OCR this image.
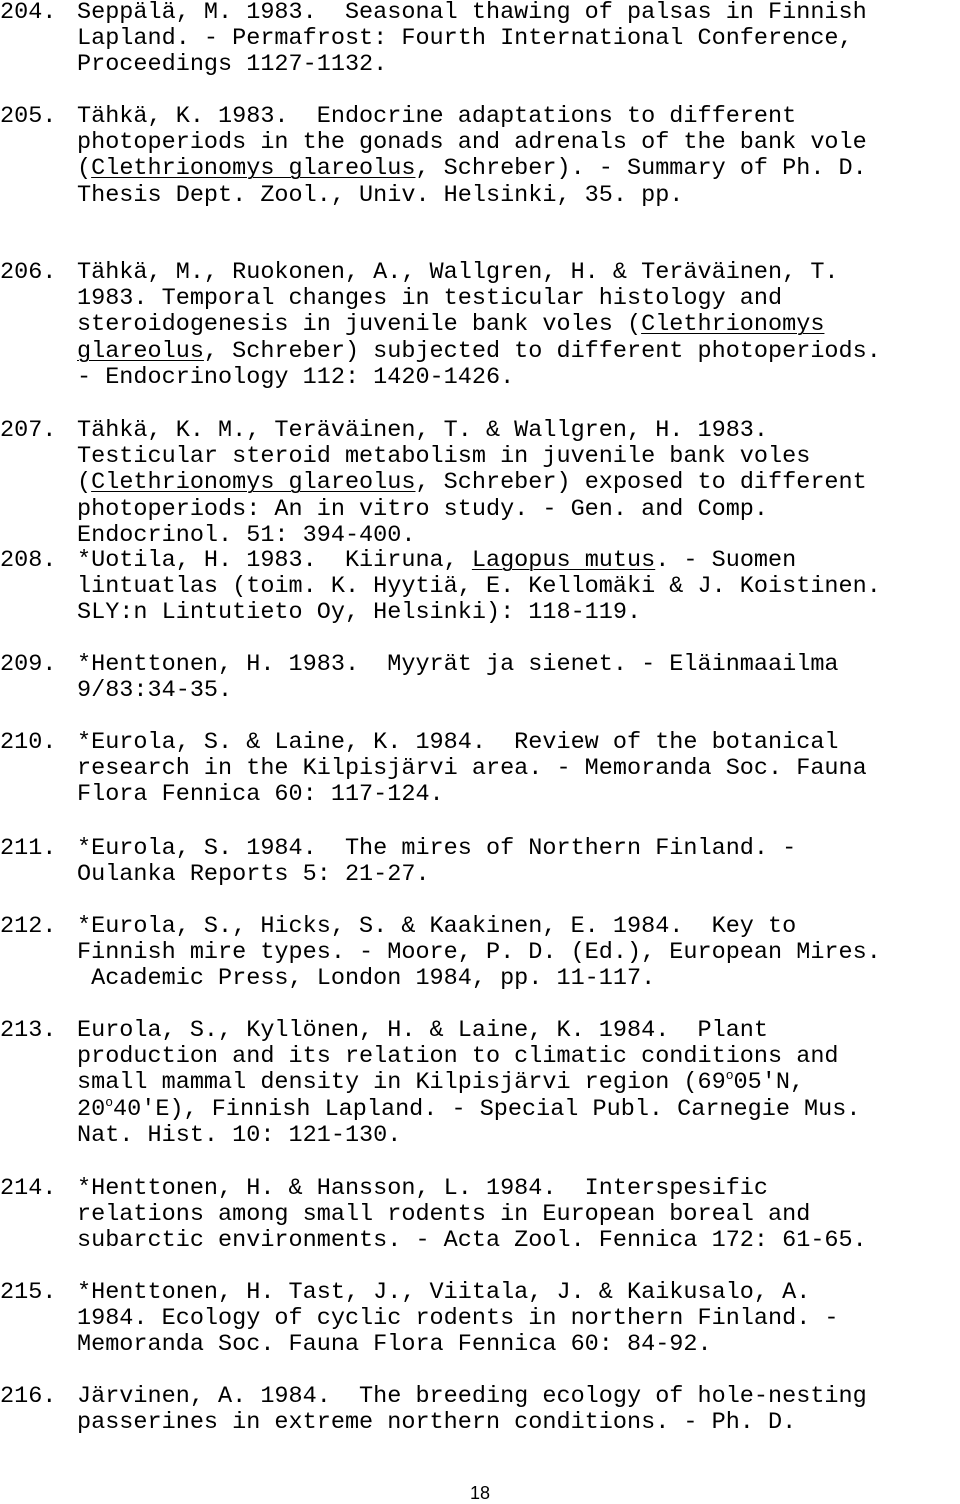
204. Seppälä, M. 1983.  Seasonal thawing of palsas in Finnish
Lapland. - Permafrost: Fourth International Conference,
Proceedings 1127-1132.
205. Tähkä, K. 1983.  Endocrine adaptations to different
photoperiods in the gonads and adrenals of the bank vole
(Clethrionomys glareolus, Schreber). - Summary of Ph. D.
Thesis Dept. Zool., Univ. Helsinki, 35. pp.
206. Tähkä, M., Ruokonen, A., Wallgren, H. & Teräväinen, T.
1983. Temporal changes in testicular histology and
steroidogenesis in juvenile bank voles (Clethrionomys
glareolus, Schreber) subjected to different photoperiods.
- Endocrinology 112: 1420-1426.
207. Tähkä, K. M., Teräväinen, T. & Wallgren, H. 1983.
Testicular steroid metabolism in juvenile bank voles
(Clethrionomys glareolus, Schreber) exposed to different
photoperiods: An in vitro study. - Gen. and Comp.
Endocrinol. 51: 394-400.
208. *Uotila, H. 1983.  Kiiruna, Lagopus mutus. - Suomen
lintuatlas (toim. K. Hyytiä, E. Kellomäki & J. Koistinen.
SLY:n Lintutieto Oy, Helsinki): 118-119.
209. *Henttonen, H. 1983.  Myyrät ja sienet. - Eläinmaailma
9/83:34-35.
210. *Eurola, S. & Laine, K. 1984.  Review of the botanical
research in the Kilpisjärvi area. - Memoranda Soc. Fauna
Flora Fennica 60: 117-124.
211. *Eurola, S. 1984.  The mires of Northern Finland. -
Oulanka Reports 5: 21-27.
212. *Eurola, S., Hicks, S. & Kaakinen, E. 1984.  Key to
Finnish mire types. - Moore, P. D. (Ed.), European Mires.
Academic Press, London 1984, pp. 11-117.
213. Eurola, S., Kyllönen, H. & Laine, K. 1984.  Plant
production and its relation to climatic conditions and
small mammal density in Kilpisjärvi region (69$^o$05'N,
20$^o$40'E), Finnish Lapland. - Special Publ. Carnegie Mus.
Nat. Hist. 10: 121-130.
214. *Henttonen, H. & Hansson, L. 1984.  Interspesific
relations among small rodents in European boreal and
subarctic environments. - Acta Zool. Fennica 172: 61-65.
215. *Henttonen, H. Tast, J., Viitala, J. & Kaikusalo, A.
1984. Ecology of cyclic rodents in northern Finland. -
Memoranda Soc. Fauna Flora Fennica 60: 84-92.
216. Järvinen, A. 1984.  The breeding ecology of hole-nesting
passerines in extreme northern conditions. - Ph. D.
18
